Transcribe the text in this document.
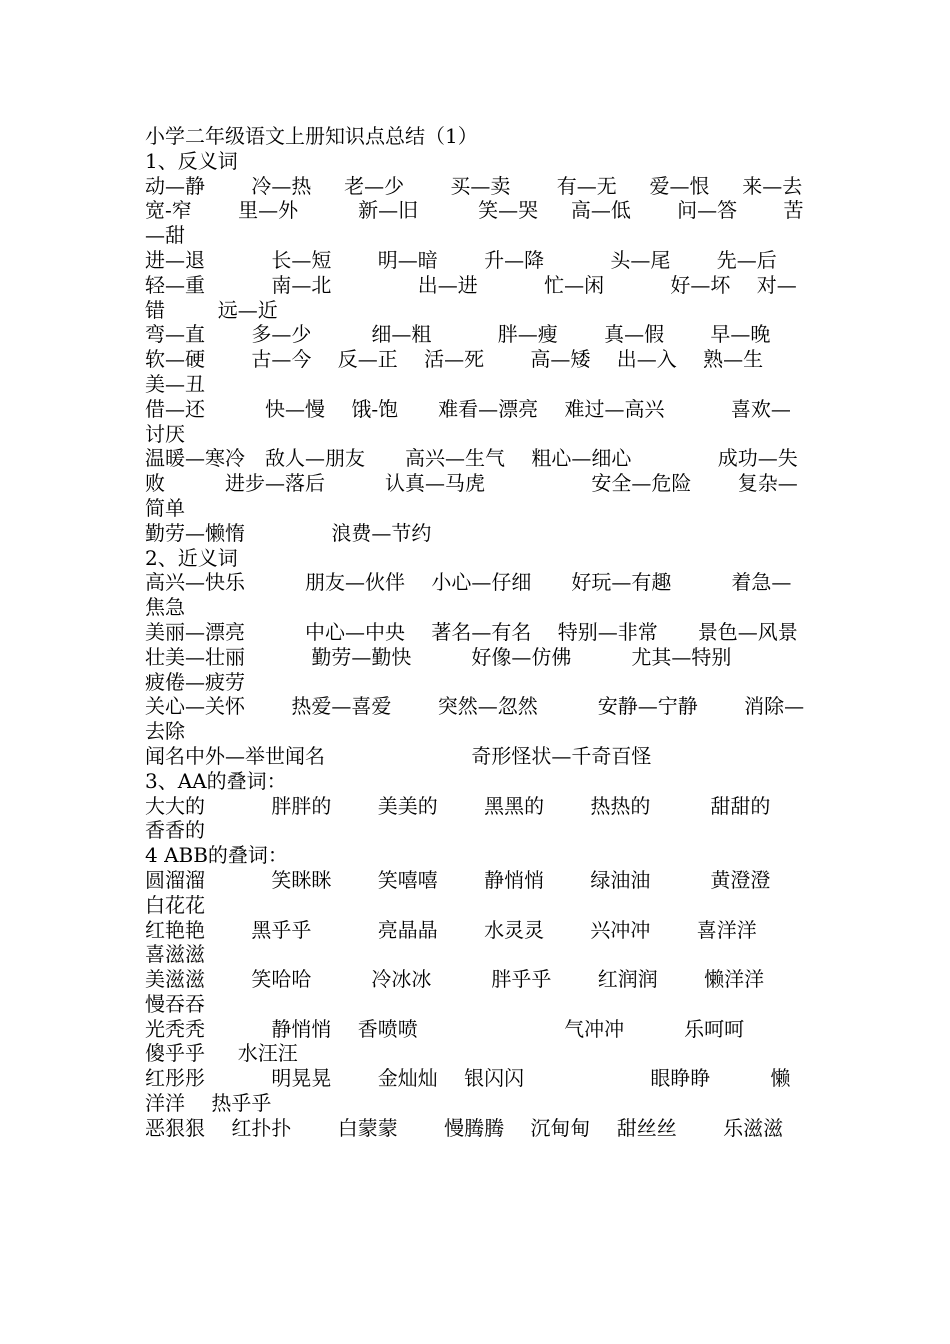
小学二年级语文上册知识点总结（1）
1、反义词
动—静　　 冷—热 　 老—少　　 买—卖 　　有—无 　 爱—恨 　 来—去
宽-窄　　 里—外　　　新—旧　　　笑—哭 　 高—低　　 问—答　　 苦—甜
进—退　　　 长—短　　 明—暗　　 升—降　　　 头—尾　　 先—后　 轻—重　　　 南—北　　　　 出—进　　　 忙—闲　　　 好—坏 　对—错 　　 远—近
弯—直　　 多—少　　　细—粗　　　 胖—瘦　　 真—假　　 早—晚　　 软—硬　　 古—今　 反—正　 活—死　　 高—矮　 出—入　 熟—生　　美—丑
借—还　　　快—慢 　饿-饱　　难看—漂亮　 难过—高兴　　　 喜欢—讨厌
温暖—寒冷　敌人—朋友　　高兴—生气　 粗心—细心　　　　 成功—失败　　　进步—落后　　　认真—马虎　　　　　 安全—危险　　 复杂—简单
勤劳—懒惰　　　　 浪费—节约
2、近义词
高兴—快乐　　　朋友—伙伴　 小心—仔细　　好玩—有趣　　　着急—焦急
美丽—漂亮　　　中心—中央　 著名—有名　 特别—非常　　景色—风景
壮美—壮丽　　　 勤劳—勤快　　　好像—仿佛　　　尤其—特别　　　 疲倦—疲劳
关心—关怀　　 热爱—喜爱　　 突然—忽然　　　安静—宁静　　 消除—去除
闻名中外—举世闻名　　　　　　　 奇形怪状—千奇百怪
3、AA的叠词：
大大的　　　 胖胖的　　 美美的　　 黑黑的　　 热热的　　　甜甜的　　 香香的
4 ABB的叠词：
圆溜溜　　　 笑眯眯　　 笑嘻嘻　　 静悄悄　　 绿油油　　　黄澄澄　　白花花
红艳艳　　 黑乎乎　　　 亮晶晶　　 水灵灵　　 兴冲冲　　 喜洋洋　　喜滋滋
美滋滋　　 笑哈哈　　　冷冰冰　　　胖乎乎　　 红润润　　 懒洋洋　　慢吞吞
光秃秃　　　 静悄悄　 香喷喷　　　　　　　 气冲冲　　　乐呵呵　　　 傻乎乎 　 水汪汪
红彤彤　　　 明晃晃　　 金灿灿　 银闪闪　　　　　　 眼睁睁　　　懒洋洋　 热乎乎
恶狠狠　 红扑扑　　 白蒙蒙　　 慢腾腾　 沉甸甸　 甜丝丝　　 乐滋滋
